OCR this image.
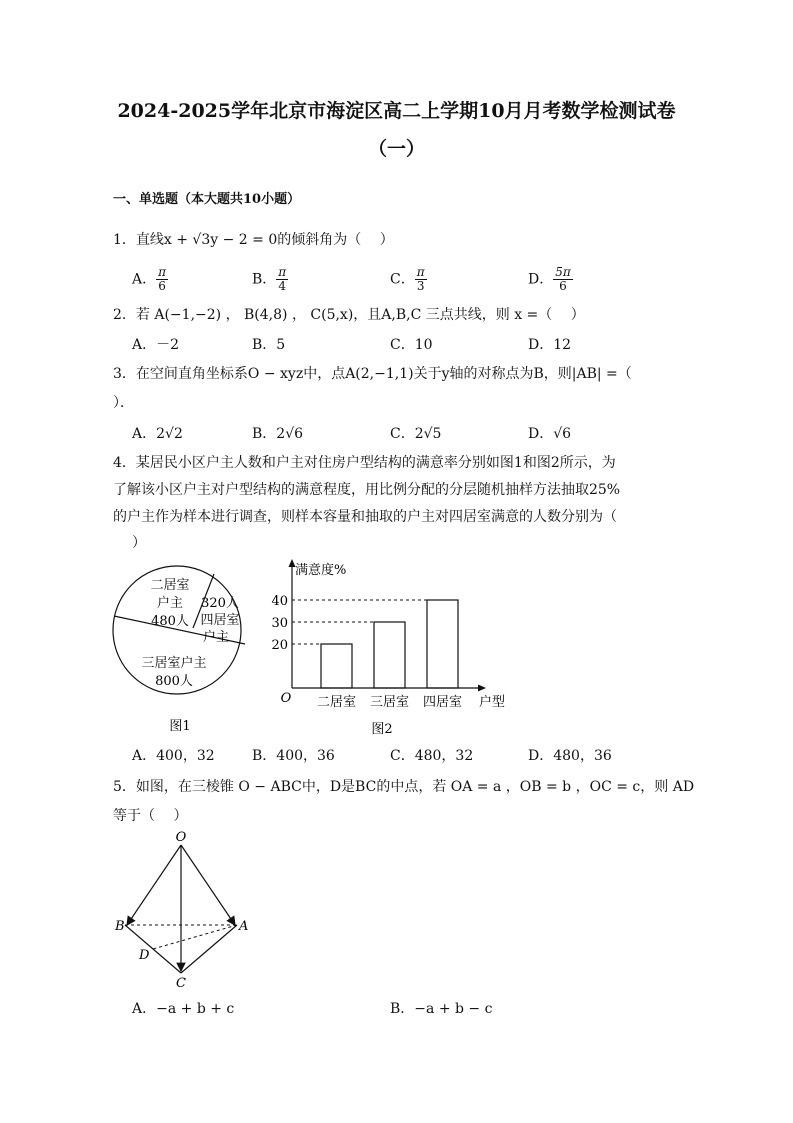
2024-2025学年北京市海淀区高二上学期10月月考数学检测试卷
（一）
一、单选题（本大题共10小题）
1．直线x + √3y − 2 = 0的倾斜角为（　 ）
A． $\frac{\pi}{6}$	B． $\frac{\pi}{4}$	C． $\frac{\pi}{3}$	D． $\frac{5\pi}{6}$
2．若 A(−1,−2) ， B(4,8) ， C(5,x)，且A,B,C 三点共线，则 x =（　 ）
A．－2	B．5	C．10	D．12
3．在空间直角坐标系O − xyz中，点A(2,−1,1)关于y轴的对称点为B，则|AB| =（
）．
A．2√2	B．2√6	C．2√5	D．√6
4．某居民小区户主人数和户主对住房户型结构的满意率分别如图1和图2所示，为
了解该小区户主对户型结构的满意程度，用比例分配的分层随机抽样方法抽取25%
的户主作为样本进行调查，则样本容量和抽取的户主对四居室满意的人数分别为（
）
二居室
户主
480人
320人
四居室
户主
三居室户主
800人
图1
满意度%
O	户型
20
30
40
二居室 三居室 四居室
图2
A．400，32	B．400，36	C．480，32	D．480，36
5．如图，在三棱锥 O − ABC中，D是BC的中点，若 OA = a ，OB = b ，OC = c，则 AD
等于（　 ）
O
B	A
D
C
A．−a + b + c	B．−a + b − c
